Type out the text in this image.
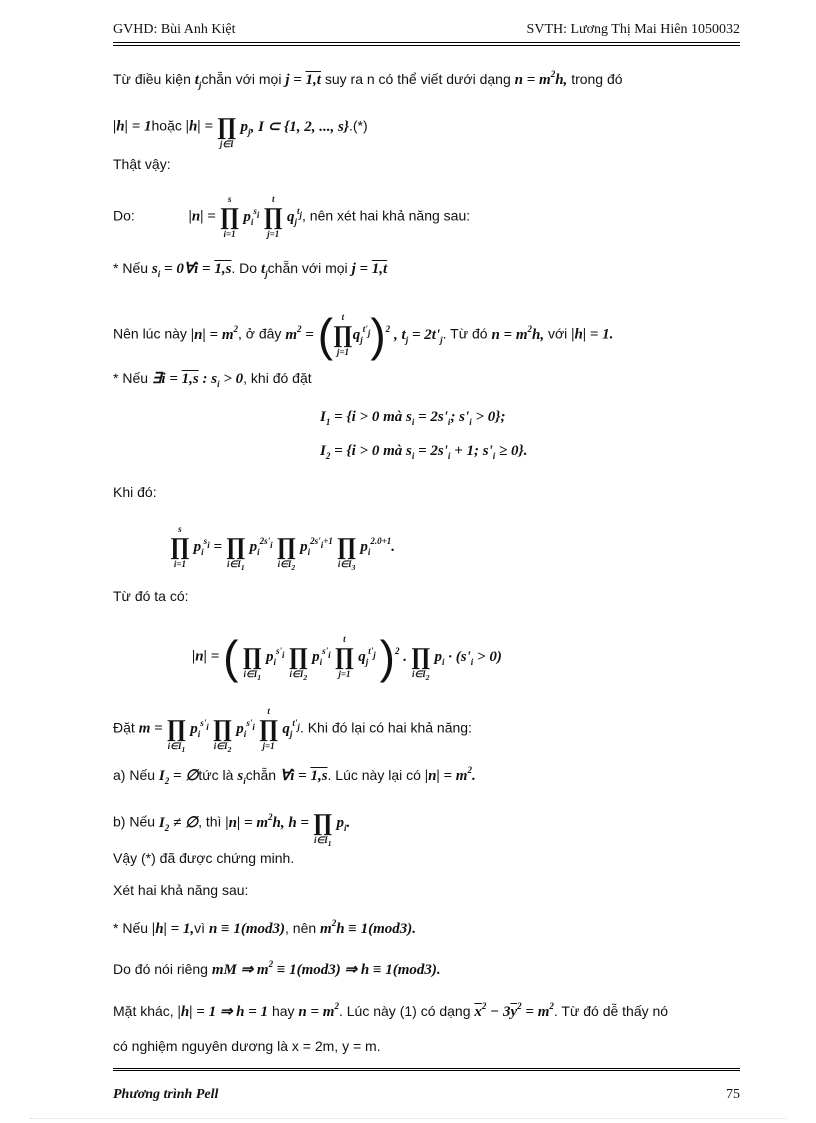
GVHD: Bùi Anh Kiệt	SVTH: Lương Thị Mai Hiên 1050032
Từ điều kiện $t_jchẵn$ với mọi j = 1,t suy ra n có thể viết dưới dạng $n = m^2h$, trong đó
|h| = 1hoặc |h| = ∏
j∈I
$p_j$, I ⊂ {1, 2, ..., s}.(*)
Thật vậy:
Do:	|n| =
s
∏
i=1
$p_i^{si}$
t
∏
j=1
$q_j^{tj}$, nên xét hai khả năng sau:
* Nếu $s_i$ = 0∀i = 1,s. Do $t_jchẵn$ với mọi j = 1,t
Nên lúc này $|n| = m^2$, ở đây $m^2$ = ( t
∏
j=1
$q_j^{t'j})^2$ , $t_j = 2t'_j$. Từ đó $n = m^2h$, với |h| = 1.
* Nếu ∃i = 1,s : $s_i > 0$, khi đó đặt
$I_1 = \{i > 0$ mà $s_i = 2s'_i$; $s'_i > 0$};
$I_2 = \{i > 0$ mà $s_i = 2s'_i + 1$; $s'_i \ge 0$}.
Khi đó:
s
∏
i=1
$p_i^{si}$ = ∏
$i\in I_1$
$p_i^{2s'i}$ ∏
$i\in I_2$
$p_i^{2s'i+1}$ ∏
$i\in I_3$
$p_i^{2.0+1}$.
Từ đó ta có:
|n| = ( ∏
$i\in I_1$
$p_i^{s'i}$ ∏
$i\in I_2$
$p_i^{s'i}$
t
∏
j=1
$q_j^{t'j}$ )$^2$ . ∏
$i\in I_2$
$p_i \cdot (s'_i > 0)$
Đặt m = ∏
$i\in I_1$
$p_i^{s'i}$ ∏
$i\in I_2$
$p_i^{s'i}$
t
∏
j=1
$q_j^{t'j}$. Khi đó lại có hai khả năng:
a) Nếu $I_2$ = ∅tức là $s_ichẵn$ ∀i = 1,s. Lúc này lại có $|n| = m^2$.
b) Nếu $I_2$ ≠ ∅, thì $|n| = m^2h$, h = ∏
$i\in I_1$
$p_i$.
Vậy (*) đã được chứng minh.
Xét hai khả năng sau:
* Nếu |h| = 1,vì n ≡ 1(mod3), nên $m^2h \equiv 1(mod3)$.
Do đó nói riêng mM ⇒ $m^2 \equiv 1(mod3)$ ⇒ h ≡ 1(mod3).
Mặt khác, |h| = 1 ⇒ h = 1 hay $n = m^2$. Lúc này (1) có dạng $\overline{x}^2 - 3\overline{y}^2 = m^2$. Từ đó dễ thấy nó
có nghiệm nguyên dương là x = 2m, y = m.
Phương trình Pell	75
